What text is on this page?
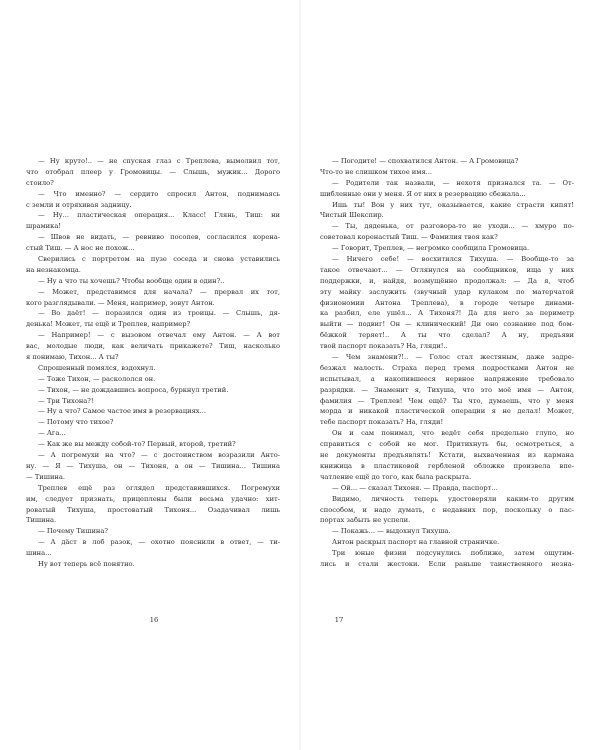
— Ну круто!.. — не спуская глаз с Треплева, вымолвил тот,
что отобрал плеер у Громовицы. — Слышь, мужик... Дорого
стоило?
— Что именно? — сердито спросил Антон, поднимаясь
с земли и отряхивая задницу.
— Ну... пластическая операция... Класс! Глянь, Тиш: ни
шрамика!
— Швов не видать, — ревниво посопев, согласился корена-
стый Тиш. — А нос не похож...
Сверились с портретом на пузе соседа и снова уставились
на незнакомца.
— Ну а что ты хочешь? Чтобы вообще один в один?..
— Может, представимся для начала? — прервал их тот,
кого разглядывали. — Меня, например, зовут Антон.
— Во даёт! — поразился один из троицы. — Слышь, дя-
денька! Может, ты ещё и Треплев, например?
— Например! — с вызовом отвечал ему Антон. — А вот
вас, молодые люди, как величать прикажете? Тиш, насколько
я понимаю, Тихон... А ты?
Спрошенный помялся, вздохнул.
— Тоже Тихон, — раскололся он.
— Тихон, — не дождавшись вопроса, буркнул третий.
— Три Тихона?!
— Ну а что? Самое частое имя в резервациях...
— Потому что тихое?
— Ага...
— Как же вы между собой-то? Первый, второй, третий?
— А погремухи на что? — с достоинством возразили Анто-
ну. — Я — Тихуша, он — Тихоня, а он — Тишина... Тишина
— Тишина.
Треплев ещё раз оглядел представившихся. Погремухи
им, следует признать, прицеплены были весьма удачно: хит-
роватый Тихуша, простоватый Тихоня... Озадачивал лишь
Тишина.
— Почему Тишина?
— А дäст в лоб разок, — охотно пояснили в ответ, — ти-
шина...
Ну вот теперь всё понятно.
16
— Погодите! — спохватился Антон. — А Громовица?
Что-то не слишком тихое имя...
— Родители так назвали, — нехотя признался та. — От-
шибленные они у меня. Я от них в резервацию сбежала...
Ишь ты! Вон у них тут, оказывается, какие страсти кипят!
Чистый Шекспир.
— Ты, дяденька, от разговора-то не уходи... — хмуро по-
советовал коренастый Тиш. — Фамилия твоя как?
— Говорит, Треплев, — негромко сообщила Громовица.
— Ничего себе! — восхитился Тихуша. — Вообще-то за
такое отвечают... — Оглянулся на сообщников, ища у них
поддержки, и, найдя, возмущённо продолжал: — Да я, чтоб
эту майку заслужить (звучный удар кулаком по матерчатой
физиономии Антона Треплева), в городе четыре динами-
ка разбил, еле ушёл... А Тихоня?! Да для него за периметр
выйти — подвиг! Он — клинический! Ди оно сознание под бом-
бёжкой теряет!.. А ты что сделал? А ну, предъяви
твой паспорт показать? На, гляди!..
— Чем знамени?!.. — Голос стал жестяным, даже задре-
безжал малость. Страха перед тремя подростками Антон не
испытывал, а накопившееся нервное напряжение требовало
разрядки. — Знаменит я, Тихуша, что это моё имя — Антон,
фамилия — Треплев! Чем ещё? Ты что, думаешь, что у меня
морда и никакой пластической операции я не делал! Может,
тебе паспорт показать? На, гляди!
Он и сам понимал, что ведёт себя предельно глупо, но
справиться с собой не мог. Притихнуть бы, осмотреться, а
не документы предъявлять! Кстати, выхваченная из кармана
книжица в пластиковой гербленой обложке произвела впе-
чатление ещё до того, как была раскрыта.
— Ой... — сказал Тихоня. — Правда, паспорт...
Видимо, личность теперь удостоверяли каким-то другим
способом, и надо думать, с недавних пор, поскольку о пас-
портах забыть не успели.
— Покажь... — выдохнул Тихуша.
Антон раскрыл паспорт на главной страничке.
Три юные физии подсунулись поближе, затем ощутим-
лись и стали жестоки. Если раньше таинственного незна-
17
